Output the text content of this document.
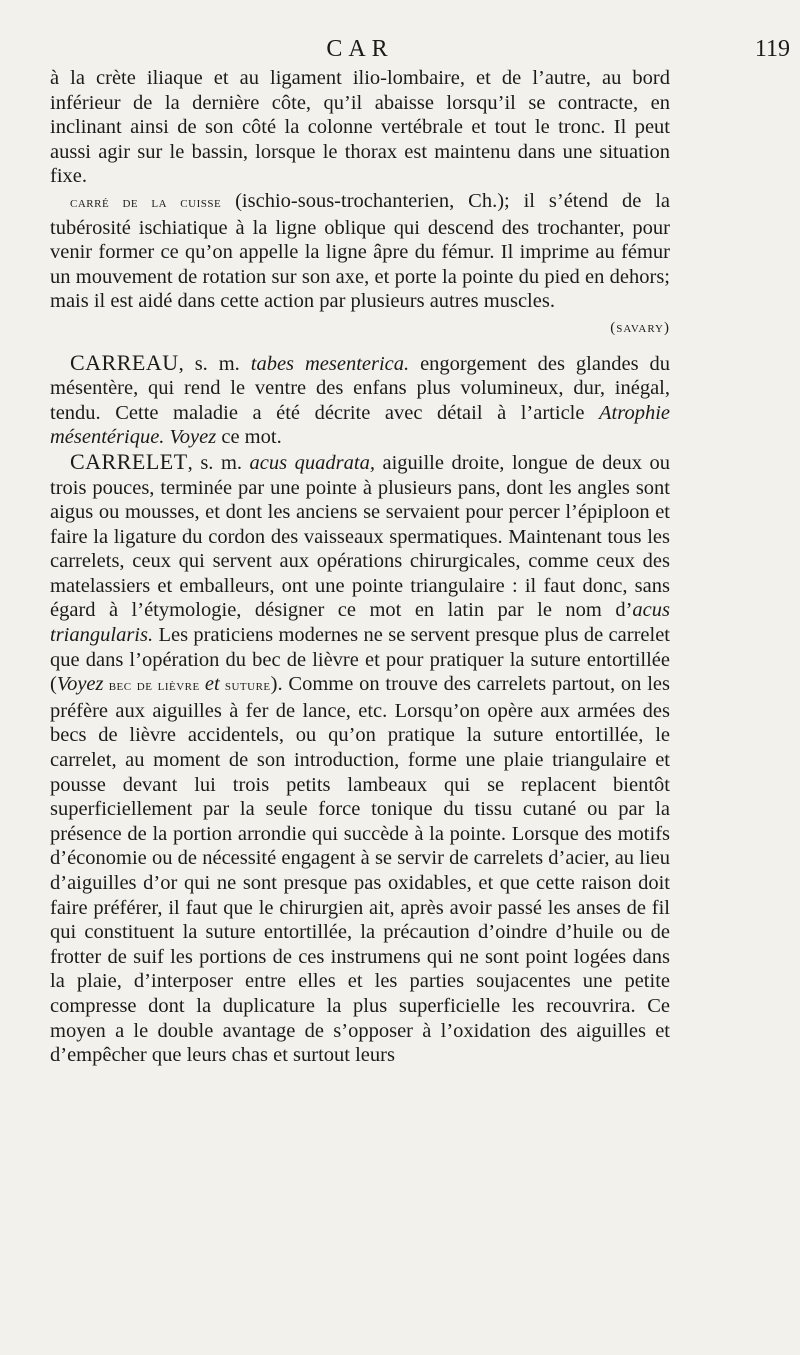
CAR	119

à la crète iliaque et au ligament ilio-lombaire, et de l’autre, au bord inférieur de la dernière côte, qu’il abaisse lorsqu’il se contracte, en inclinant ainsi de son côté la colonne vertébrale et tout le tronc. Il peut aussi agir sur le bassin, lorsque le thorax est maintenu dans une situation fixe.

carré de la cuisse (ischio-sous-trochanterien, Ch.); il s’étend de la tubérosité ischiatique à la ligne oblique qui descend des trochanter, pour venir former ce qu’on appelle la ligne âpre du fémur. Il imprime au fémur un mouvement de rotation sur son axe, et porte la pointe du pied en dehors; mais il est aidé dans cette action par plusieurs autres muscles.

(savary)

CARREAU, s. m. tabes mesenterica. engorgement des glandes du mésentère, qui rend le ventre des enfans plus volumineux, dur, inégal, tendu. Cette maladie a été décrite avec détail à l’article Atrophie mésentérique. Voyez ce mot.

CARRELET, s. m. acus quadrata, aiguille droite, longue de deux ou trois pouces, terminée par une pointe à plusieurs pans, dont les angles sont aigus ou mousses, et dont les anciens se servaient pour percer l’épiploon et faire la ligature du cordon des vaisseaux spermatiques. Maintenant tous les carrelets, ceux qui servent aux opérations chirurgicales, comme ceux des matelassiers et emballeurs, ont une pointe triangulaire : il faut donc, sans égard à l’étymologie, désigner ce mot en latin par le nom d’acus triangularis. Les praticiens modernes ne se servent presque plus de carrelet que dans l’opération du bec de lièvre et pour pratiquer la suture entortillée (Voyez bec de lièvre et suture). Comme on trouve des carrelets partout, on les préfère aux aiguilles à fer de lance, etc. Lorsqu’on opère aux armées des becs de lièvre accidentels, ou qu’on pratique la suture entortillée, le carrelet, au moment de son introduction, forme une plaie triangulaire et pousse devant lui trois petits lambeaux qui se replacent bientôt superficiellement par la seule force tonique du tissu cutané ou par la présence de la portion arrondie qui succède à la pointe. Lorsque des motifs d’économie ou de nécessité engagent à se servir de carrelets d’acier, au lieu d’aiguilles d’or qui ne sont presque pas oxidables, et que cette raison doit faire préférer, il faut que le chirurgien ait, après avoir passé les anses de fil qui constituent la suture entortillée, la précaution d’oindre d’huile ou de frotter de suif les portions de ces instrumens qui ne sont point logées dans la plaie, d’interposer entre elles et les parties soujacentes une petite compresse dont la duplicature la plus superficielle les recouvrira. Ce moyen a le double avantage de s’opposer à l’oxidation des aiguilles et d’empêcher que leurs chas et surtout leurs
